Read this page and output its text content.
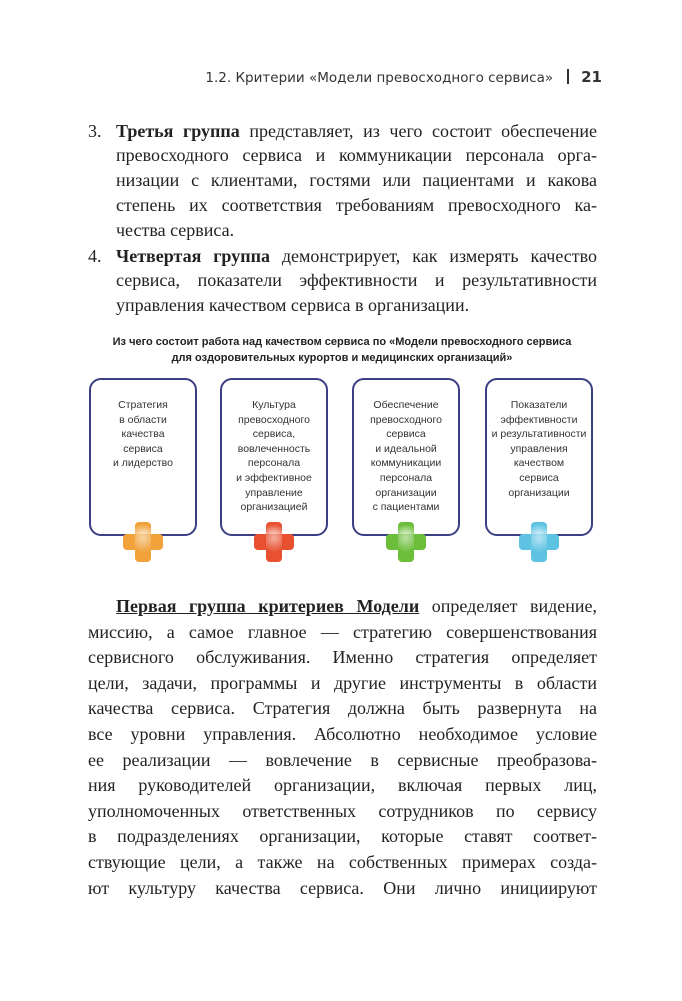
1.2. Критерии «Модели превосходного сервиса» 21
3. Третья группа представляет, из чего состоит обеспечение
превосходного сервиса и коммуникации персонала орга-
низации с клиентами, гостями или пациентами и какова
степень их соответствия требованиям превосходного ка-
чества сервиса.
4. Четвертая группа демонстрирует, как измерять качество
сервиса, показатели эффективности и результативности
управления качеством сервиса в организации.
Из чего состоит работа над качеством сервиса по «Модели превосходного сервиса
для оздоровительных курортов и медицинских организаций»
Стратегия
в области
качества
сервиса
и лидерство
Культура
превосходного
сервиса,
вовлеченность
персонала
и эффективное
управление
организацией
Обеспечение
превосходного
сервиса
и идеальной
коммуникации
персонала
организации
с пациентами
Показатели
эффективности
и результативности
управления
качеством
сервиса
организации
Первая группа критериев Модели определяет видение,
миссию, а самое главное — стратегию совершенствования
сервисного обслуживания. Именно стратегия определяет
цели, задачи, программы и другие инструменты в области
качества сервиса. Стратегия должна быть развернута на
все уровни управления. Абсолютно необходимое условие
ее реализации — вовлечение в сервисные преобразова-
ния руководителей организации, включая первых лиц,
уполномоченных ответственных сотрудников по сервису
в подразделениях организации, которые ставят соответ-
ствующие цели, а также на собственных примерах созда-
ют культуру качества сервиса. Они лично инициируют
